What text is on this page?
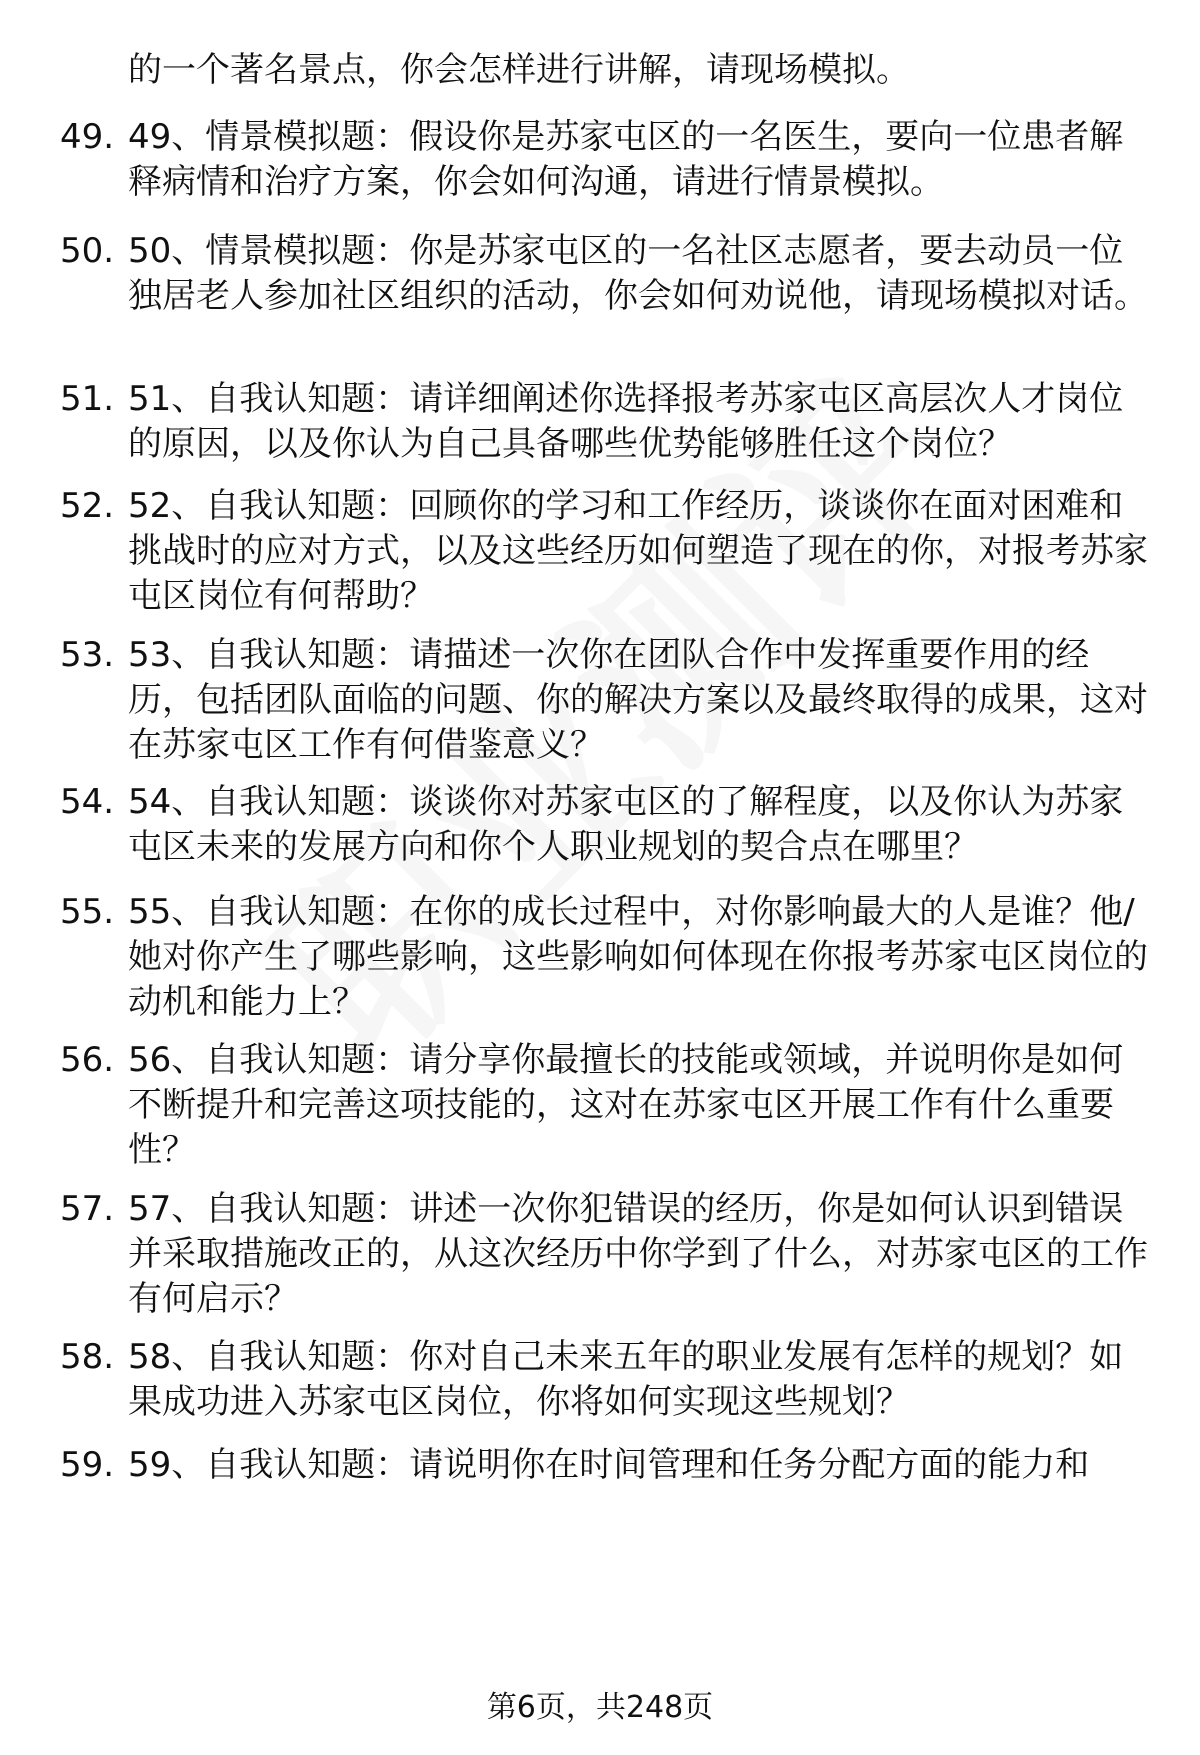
的一个著名景点，你会怎样进行讲解，请现场模拟。
49. 49、情景模拟题：假设你是苏家屯区的一名医生，要向一位患者解释病情和治疗方案，你会如何沟通，请进行情景模拟。
50. 50、情景模拟题：你是苏家屯区的一名社区志愿者，要去动员一位独居老人参加社区组织的活动，你会如何劝说他，请现场模拟对话。
51. 51、自我认知题：请详细阐述你选择报考苏家屯区高层次人才岗位的原因，以及你认为自己具备哪些优势能够胜任这个岗位？
52. 52、自我认知题：回顾你的学习和工作经历，谈谈你在面对困难和挑战时的应对方式，以及这些经历如何塑造了现在的你，对报考苏家屯区岗位有何帮助？
53. 53、自我认知题：请描述一次你在团队合作中发挥重要作用的经历，包括团队面临的问题、你的解决方案以及最终取得的成果，这对在苏家屯区工作有何借鉴意义？
54. 54、自我认知题：谈谈你对苏家屯区的了解程度，以及你认为苏家屯区未来的发展方向和你个人职业规划的契合点在哪里？
55. 55、自我认知题：在你的成长过程中，对你影响最大的人是谁？他/她对你产生了哪些影响，这些影响如何体现在你报考苏家屯区岗位的动机和能力上？
56. 56、自我认知题：请分享你最擅长的技能或领域，并说明你是如何不断提升和完善这项技能的，这对在苏家屯区开展工作有什么重要性？
57. 57、自我认知题：讲述一次你犯错误的经历，你是如何认识到错误并采取措施改正的，从这次经历中你学到了什么，对苏家屯区的工作有何启示？
58. 58、自我认知题：你对自己未来五年的职业发展有怎样的规划？如果成功进入苏家屯区岗位，你将如何实现这些规划？
59. 59、自我认知题：请说明你在时间管理和任务分配方面的能力和
第6页，共248页
